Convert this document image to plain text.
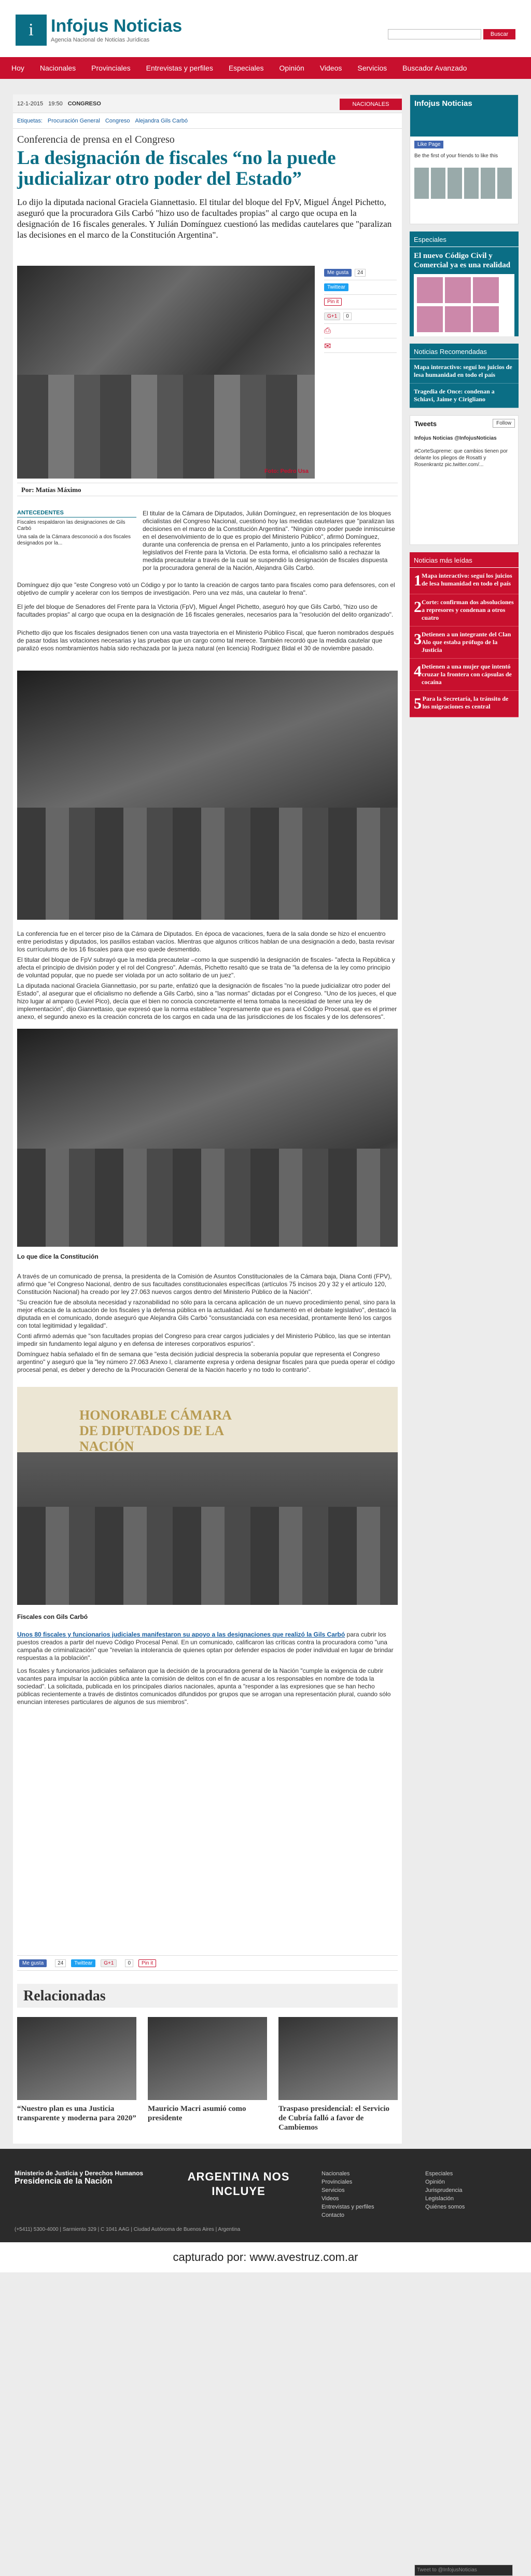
i Infojus Noticias
Agencia Nacional de Noticias Jurídicas
Buscar
Hoy Nacionales Provinciales Entrevistas y perfiles Especiales Opinión Videos Servicios Buscador Avanzado
12-1-2015 19:50 CONGRESO	NACIONALES
Etiquetas: Procuración General Congreso Alejandra Gils Carbó
Conferencia de prensa en el Congreso
La designación de fiscales “no la puede judicializar otro poder del Estado”

Lo dijo la diputada nacional Graciela Giannettasio. El titular del bloque del FpV, Miguel Ángel Pichetto, aseguró que la procuradora Gils Carbó "hizo uso de facultades propias" al cargo que ocupa en la designación de 16 fiscales generales. Y Julián Domínguez cuestionó las medidas cautelares que "paralizan las decisiones en el marco de la Constitución Argentina".

Foto: Pedro Usa
Me gusta	24
Twittear
Pin it
G+1	0
⎙
✉
Por: Matías Máximo
ANTECEDENTES
Fiscales respaldaron las designaciones de Gils Carbó
Una sala de la Cámara desconoció a dos fiscales designados por la...

El titular de la Cámara de Diputados, Julián Domínguez, en representación de los bloques oficialistas del Congreso Nacional, cuestionó hoy las medidas cautelares que "paralizan las decisiones en el marco de la Constitución Argentina". "Ningún otro poder puede inmiscuirse en el desenvolvimiento de lo que es propio del Ministerio Público", afirmó Domínguez, durante una conferencia de prensa en el Parlamento, junto a los principales referentes legislativos del Frente para la Victoria. De esta forma, el oficialismo salió a rechazar la medida precautelar a través de la cual se suspendió la designación de fiscales dispuesta por la procuradora general de la Nación, Alejandra Gils Carbó.

Domínguez dijo que "este Congreso votó un Código y por lo tanto la creación de cargos tanto para fiscales como para defensores, con el objetivo de cumplir y acelerar con los tiempos de investigación. Pero una vez más, una cautelar lo frena".

El jefe del bloque de Senadores del Frente para la Victoria (FpV), Miguel Ángel Pichetto, aseguró hoy que Gils Carbó, "hizo uso de facultades propias" al cargo que ocupa en la designación de 16 fiscales generales, necesarios para la "resolución del delito organizado".

Pichetto dijo que los fiscales designados tienen con una vasta trayectoria en el Ministerio Público Fiscal, que fueron nombrados después de pasar todas las votaciones necesarias y las pruebas que un cargo como tal merece. También recordó que la medida cautelar que paralizó esos nombramientos había sido rechazada por la jueza natural (en licencia) Rodríguez Bidal el 30 de noviembre pasado.

La conferencia fue en el tercer piso de la Cámara de Diputados. En época de vacaciones, fuera de la sala donde se hizo el encuentro entre periodistas y diputados, los pasillos estaban vacíos. Mientras que algunos críticos hablan de una designación a dedo, basta revisar los currículums de los 16 fiscales para que eso quede desmentido.

El titular del bloque de FpV subrayó que la medida precautelar –como la que suspendió la designación de fiscales- "afecta la República y afecta el principio de división poder y el rol del Congreso". Además, Pichetto resaltó que se trata de "la defensa de la ley como principio de voluntad popular, que no puede ser violada por un acto solitario de un juez".

La diputada nacional Graciela Giannettasio, por su parte, enfatizó que la designación de fiscales "no la puede judicializar otro poder del Estado", al asegurar que el oficialismo no defiende a Gils Carbó, sino a "las normas" dictadas por el Congreso. "Uno de los jueces, el que hizo lugar al amparo (Leviel Pico), decía que el bien no conocía concretamente el tema tomaba la necesidad de tener una ley de implementación", dijo Giannettasio, que expresó que la norma establece "expresamente que es para el Código Procesal, que es el primer anexo, el segundo anexo es la creación concreta de los cargos en cada una de las jurisdicciones de los fiscales y de los defensores".

Lo que dice la Constitución

A través de un comunicado de prensa, la presidenta de la Comisión de Asuntos Constitucionales de la Cámara baja, Diana Conti (FPV), afirmó que "el Congreso Nacional, dentro de sus facultades constitucionales específicas (artículos 75 incisos 20 y 32 y el artículo 120, Constitución Nacional) ha creado por ley 27.063 nuevos cargos dentro del Ministerio Público de la Nación".

"Su creación fue de absoluta necesidad y razonabilidad no sólo para la cercana aplicación de un nuevo procedimiento penal, sino para la mejor eficacia de la actuación de los fiscales y la defensa pública en la actualidad. Así se fundamentó en el debate legislativo", destacó la diputada en el comunicado, donde aseguró que Alejandra Gils Carbó "consustanciada con esa necesidad, prontamente llenó los cargos con total legitimidad y legalidad".

Conti afirmó además que "son facultades propias del Congreso para crear cargos judiciales y del Ministerio Público, las que se intentan impedir sin fundamento legal alguno y en defensa de intereses corporativos espurios".

Domínguez había señalado el fin de semana que "esta decisión judicial desprecia la soberanía popular que representa el Congreso argentino" y aseguró que la "ley número 27.063 Anexo I, claramente expresa y ordena designar fiscales para que pueda operar el código procesal penal, es deber y derecho de la Procuración General de la Nación hacerlo y no todo lo contrario".

HONORABLE CÁMARA DE DIPUTADOS DE LA NACIÓN
Fiscales con Gils Carbó

Unos 80 fiscales y funcionarios judiciales manifestaron su apoyo a las designaciones que realizó la Gils Carbó para cubrir los puestos creados a partir del nuevo Código Procesal Penal. En un comunicado, calificaron las críticas contra la procuradora como "una campaña de criminalización" que "revelan la intolerancia de quienes optan por defender espacios de poder individual en lugar de brindar respuestas a la población".

Los fiscales y funcionarios judiciales señalaron que la decisión de la procuradora general de la Nación "cumple la exigencia de cubrir vacantes para impulsar la acción pública ante la comisión de delitos con el fin de acusar a los responsables en nombre de toda la sociedad". La solicitada, publicada en los principales diarios nacionales, apunta a "responder a las expresiones que se han hecho públicas recientemente a través de distintos comunicados difundidos por grupos que se arrogan una representación plural, cuando sólo enuncian intereses particulares de algunos de sus miembros".

Me gusta	24	Twittear	G+1	0	Pin it
Relacionadas
“Nuestro plan es una Justicia transparente y moderna para 2020”
Mauricio Macri asumió como presidente
Traspaso presidencial: el Servicio de Cubría falló a favor de Cambiemos
Infojus Noticias
Like Page
Be the first of your friends to like this
Especiales
El nuevo Código Civil y Comercial ya es una realidad
Noticias Recomendadas
Mapa interactivo: seguí los juicios de lesa humanidad en todo el país
Tragedia de Once: condenan a Schiavi, Jaime y Cirigliano
Tweets	Follow
Infojus Noticias @InfojusNoticias
#CorteSupreme: que cambios tienen por delante los pliegos de Rosatti y Rosenkrantz pic.twitter.com/...
Tweet to @InfojusNoticias
Noticias más leídas
1 Mapa interactivo: seguí los juicios de lesa humanidad en todo el país
2 Corte: confirman dos absoluciones a represores y condenan a otros cuatro
3 Detienen a un integrante del Clan Alo que estaba prófugo de la Justicia
4 Detienen a una mujer que intentó cruzar la frontera con cápsulas de cocaína
5 Para la Secretaría, la tránsito de los migraciones es central
Ministerio de Justicia y Derechos Humanos
Presidencia de la Nación
(+5411) 5300-4000 | Sarmiento 329 | C 1041 AAG | Ciudad Autónoma de Buenos Aires | Argentina
ARGENTINA NOS INCLUYE
Nacionales
Provinciales
Servicios
Videos
Entrevistas y perfiles
Contacto
Especiales
Opinión
Jurisprudencia
Legislación
Quiénes somos
capturado por: www.avestruz.com.ar
